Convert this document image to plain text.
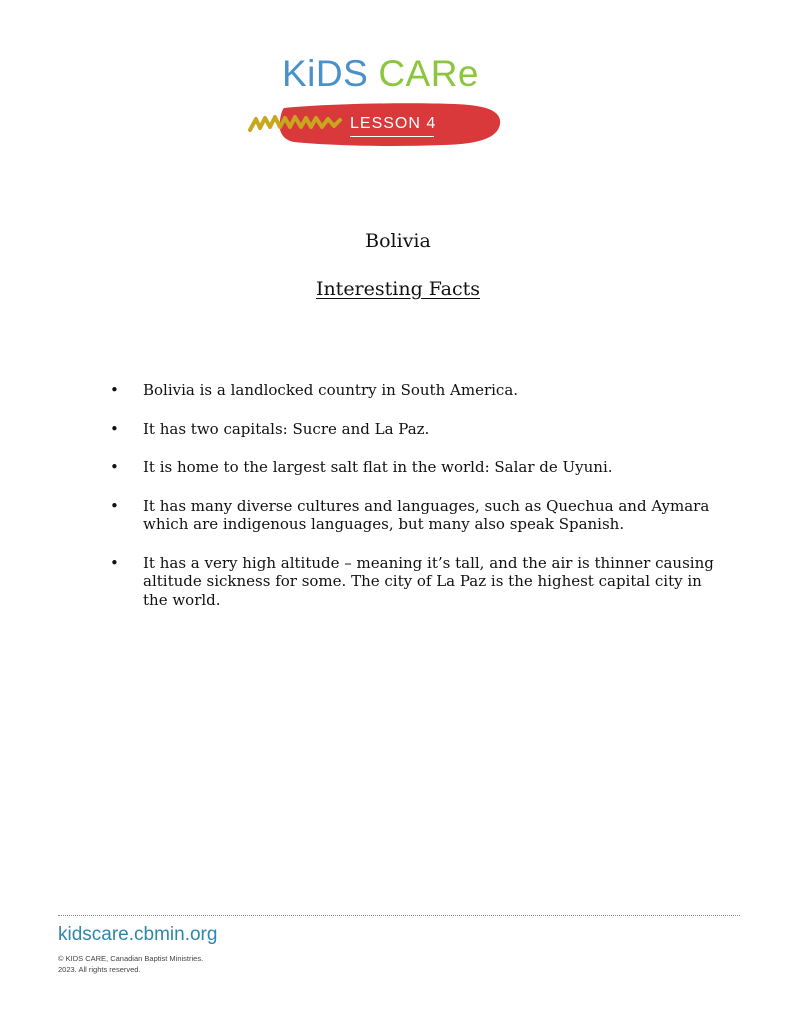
KiDS CARe
LESSON 4
Bolivia
Interesting Facts
• Bolivia is a landlocked country in South America.
• It has two capitals: Sucre and La Paz.
• It is home to the largest salt flat in the world: Salar de Uyuni.
• It has many diverse cultures and languages, such as Quechua and Aymara which are indigenous languages, but many also speak Spanish.
• It has a very high altitude – meaning it’s tall, and the air is thinner causing altitude sickness for some. The city of La Paz is the highest capital city in the world.
kidscare.cbmin.org
© KIDS CARE, Canadian Baptist Ministries.
2023. All rights reserved.
